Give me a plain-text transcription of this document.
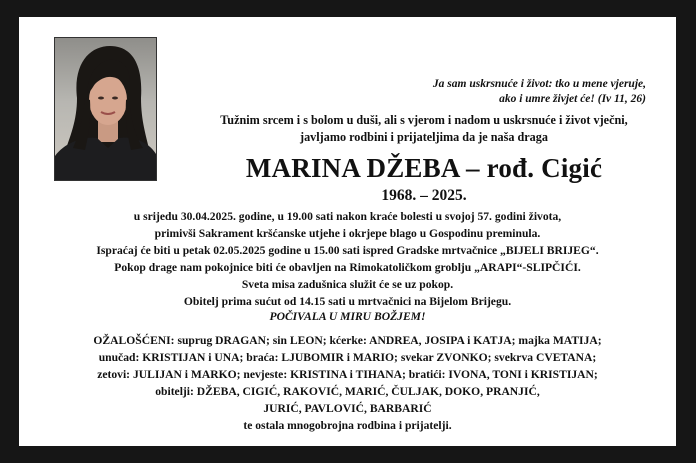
Ja sam uskrsnuće i život: tko u mene vjeruje,
ako i umre živjet će! (Iv 11, 26)
Tužnim srcem i s bolom u duši, ali s vjerom i nadom u uskrsnuće i život vječni,
javljamo rodbini i prijateljima da je naša draga
MARINA DŽEBA – rođ. Cigić
1968. – 2025.
u srijedu 30.04.2025. godine, u 19.00 sati nakon kraće bolesti u svojoj 57. godini života,
primivši Sakrament kršćanske utjehe i okrjepe blago u Gospodinu preminula.
Ispraćaj će biti u petak 02.05.2025 godine u 15.00 sati ispred Gradske mrtvačnice „BIJELI BRIJEG“.
Pokop drage nam pokojnice biti će obavljen na Rimokatoličkom groblju „ARAPI“-SLIPČIĆI.
Sveta misa zadušnica služit će se uz pokop.
Obitelj prima sućut od 14.15 sati u mrtvačnici na Bijelom Brijegu.
POČIVALA U MIRU BOŽJEM!
OŽALOŠĆENI: suprug DRAGAN; sin LEON; kćerke: ANDREA, JOSIPA i KATJA; majka MATIJA;
unučad: KRISTIJAN i UNA; braća: LJUBOMIR i MARIO; svekar ZVONKO; svekrva CVETANA;
zetovi: JULIJAN i MARKO; nevjeste: KRISTINA i TIHANA; bratići: IVONA, TONI i KRISTIJAN;
obitelji: DŽEBA, CIGIĆ, RAKOVIĆ, MARIĆ, ČULJAK, DOKO, PRANJIĆ,
JURIĆ, PAVLOVIĆ, BARBARIĆ
te ostala mnogobrojna rodbina i prijatelji.
